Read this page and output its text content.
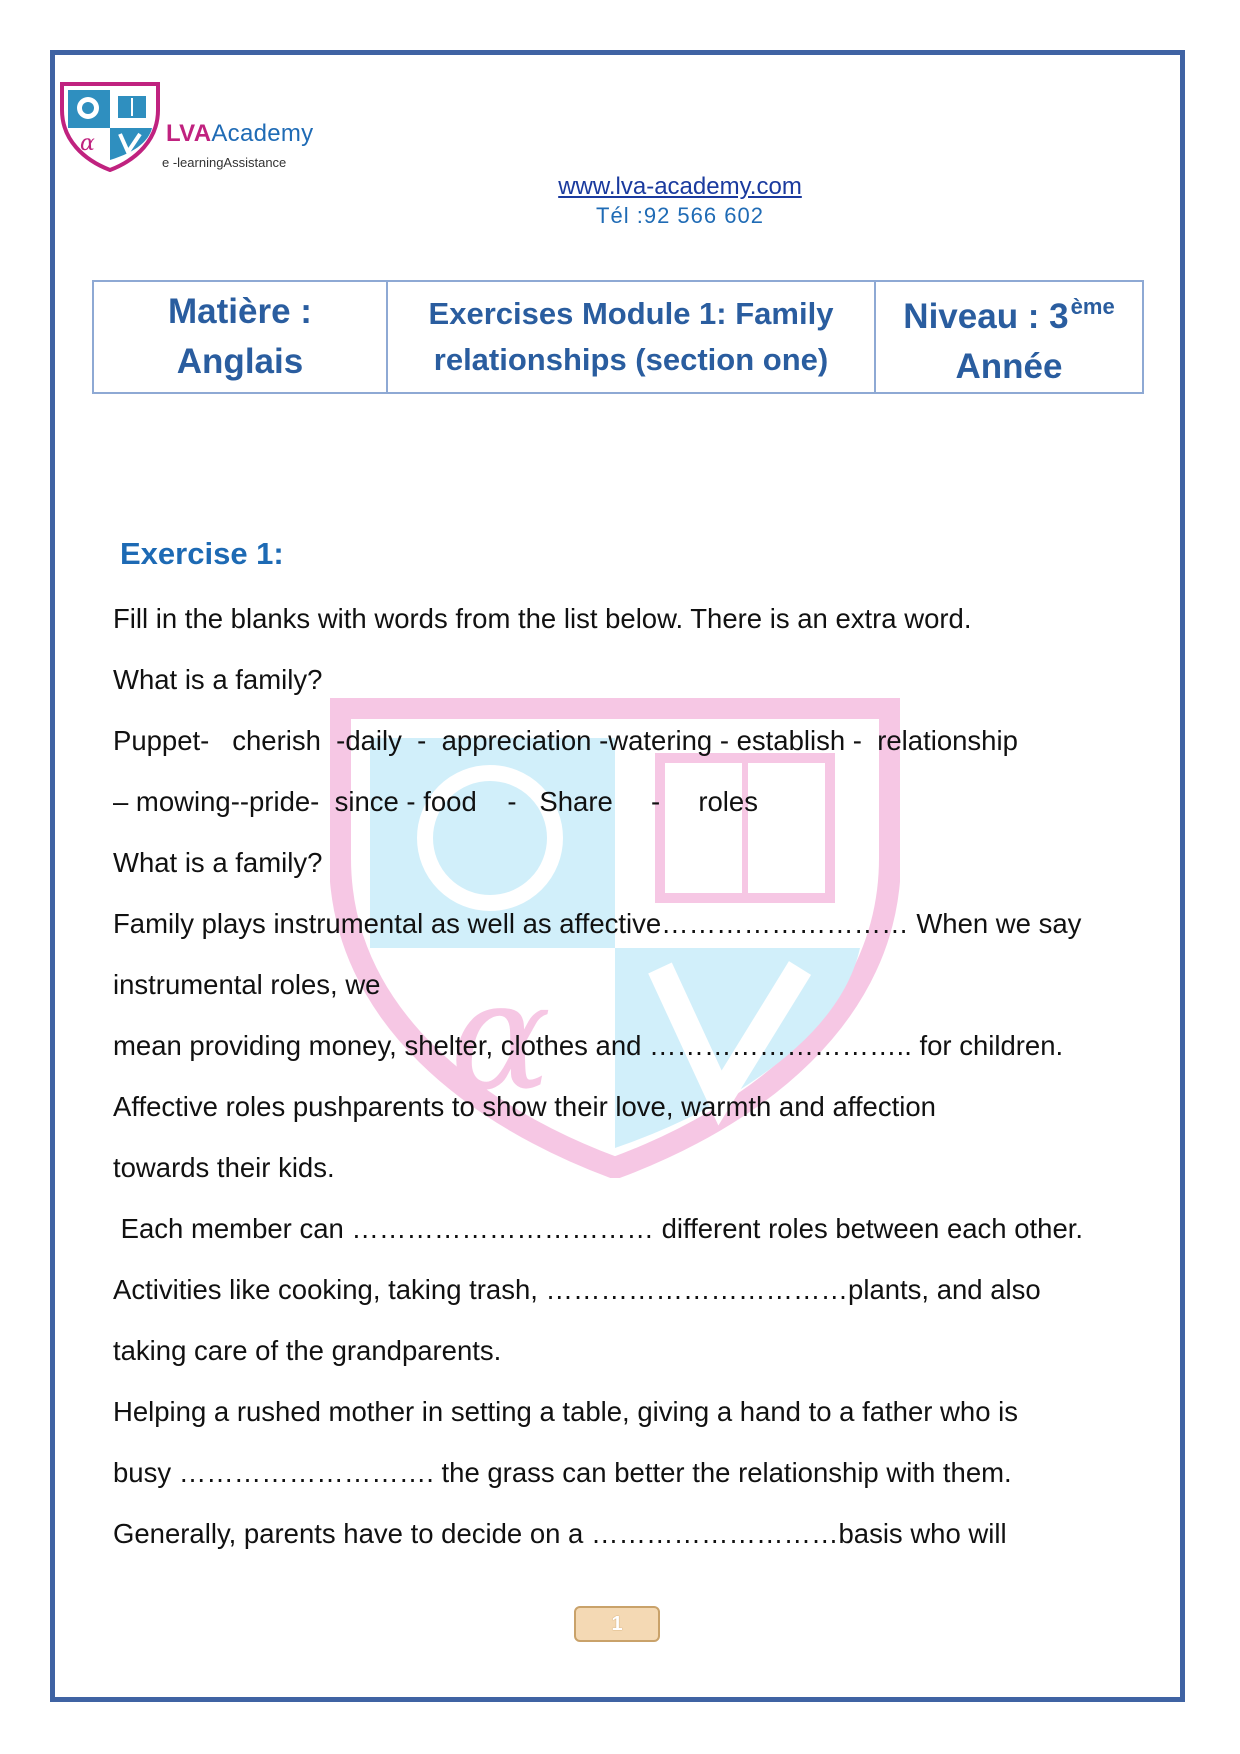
α	LVAAcademy
e -learningAssistance
www.lva-academy.com
Tél :92 566 602
Matière :
Anglais

Exercises Module 1: Family
relationships (section one)

Niveau : 3ème
Année
α
Exercise 1:

Fill in the blanks with words from the list below. There is an extra word.

What is a family?

Puppet-   cherish  -daily  -  appreciation -watering - establish -  relationship

– mowing--pride-  since - food    -   Share     -     roles

What is a family?

Family plays instrumental as well as affective……………………… When we say

instrumental roles, we

mean providing money, shelter, clothes and ……………………….. for children.

Affective roles pushparents to show their love, warmth and affection

towards their kids.

Each member can …………………………… different roles between each other.

Activities like cooking, taking trash, ……………………………plants, and also

taking care of the grandparents.

Helping a rushed mother in setting a table, giving a hand to a father who is

busy ………………………. the grass can better the relationship with them.

Generally, parents have to decide on a ………………………basis who will

1
